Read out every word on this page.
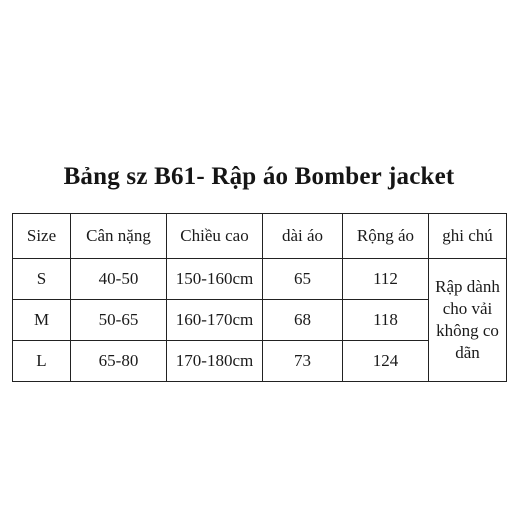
Bảng sz B61- Rập áo Bomber jacket
Size	Cân nặng	Chiều cao	dài áo	Rộng áo	ghi chú
S	40-50	150-160cm	65	112	Rập dành cho vải không co dãn
M	50-65	160-170cm	68	118	
L	65-80	170-180cm	73	124	
